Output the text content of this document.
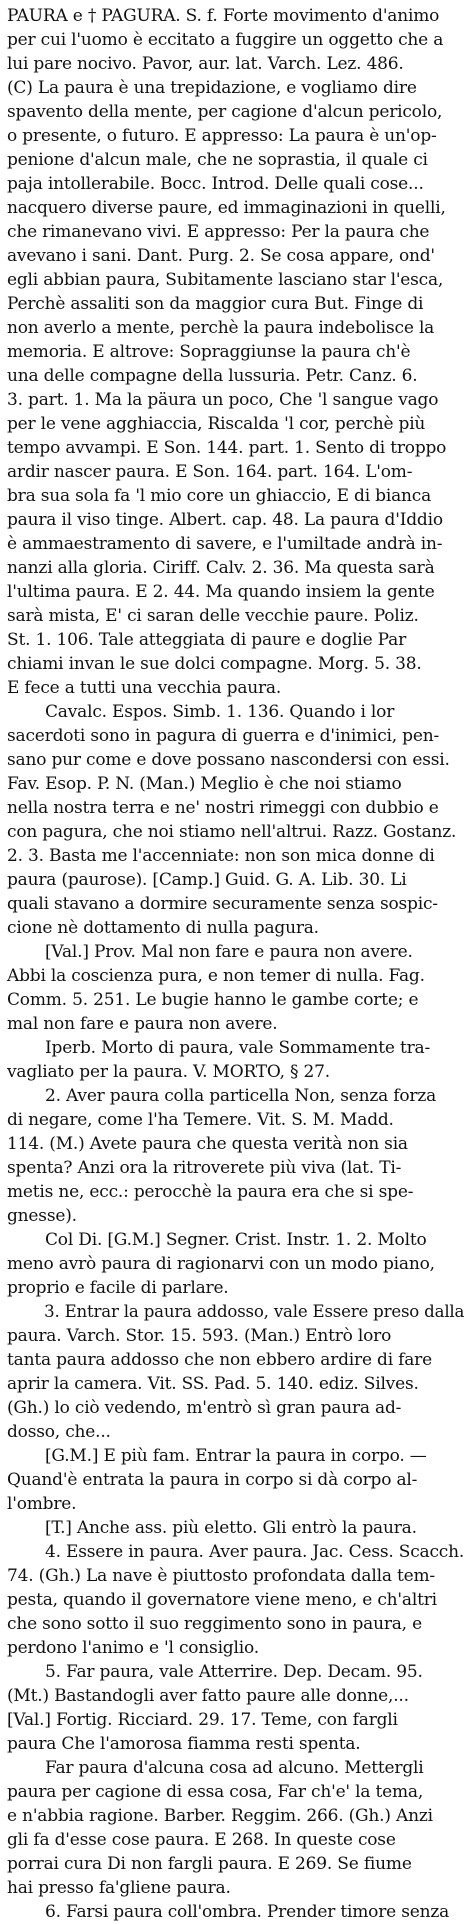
PAURA e † PAGURA. S. f. Forte movimento d'animo
per cui l'uomo è eccitato a fuggire un oggetto che a
lui pare nocivo. Pavor, aur. lat. Varch. Lez. 486.
(C) La paura è una trepidazione, e vogliamo dire
spavento della mente, per cagione d'alcun pericolo,
o presente, o futuro. E appresso: La paura è un'op-
penione d'alcun male, che ne soprastia, il quale ci
paja intollerabile. Bocc. Introd. Delle quali cose...
nacquero diverse paure, ed immaginazioni in quelli,
che rimanevano vivi. E appresso: Per la paura che
avevano i sani. Dant. Purg. 2. Se cosa appare, ond'
egli abbian paura, Subitamente lasciano star l'esca,
Perchè assaliti son da maggior cura But. Finge di
non averlo a mente, perchè la paura indebolisce la
memoria. E altrove: Sopraggiunse la paura ch'è
una delle compagne della lussuria. Petr. Canz. 6.
3. part. 1. Ma la päura un poco, Che 'l sangue vago
per le vene agghiaccia, Riscalda 'l cor, perchè più
tempo avvampi. E Son. 144. part. 1. Sento di troppo
ardir nascer paura. E Son. 164. part. 164. L'om-
bra sua sola fa 'l mio core un ghiaccio, E di bianca
paura il viso tinge. Albert. cap. 48. La paura d'Iddio
è ammaestramento di savere, e l'umiltade andrà in-
nanzi alla gloria. Ciriff. Calv. 2. 36. Ma questa sarà
l'ultima paura. E 2. 44. Ma quando insiem la gente
sarà mista, E' ci saran delle vecchie paure. Poliz.
St. 1. 106. Tale atteggiata di paure e doglie Par
chiami invan le sue dolci compagne. Morg. 5. 38.
E fece a tutti una vecchia paura.
Cavalc. Espos. Simb. 1. 136. Quando i lor
sacerdoti sono in pagura di guerra e d'inimici, pen-
sano pur come e dove possano nascondersi con essi.
Fav. Esop. P. N. (Man.) Meglio è che noi stiamo
nella nostra terra e ne' nostri rimeggi con dubbio e
con pagura, che noi stiamo nell'altrui. Razz. Gostanz.
2. 3. Basta me l'accenniate: non son mica donne di
paura (paurose). [Camp.] Guid. G. A. Lib. 30. Li
quali stavano a dormire securamente senza sospic-
cione nè dottamento di nulla pagura.
[Val.] Prov. Mal non fare e paura non avere.
Abbi la coscienza pura, e non temer di nulla. Fag.
Comm. 5. 251. Le bugie hanno le gambe corte; e
mal non fare e paura non avere.
Iperb. Morto di paura, vale Sommamente tra-
vagliato per la paura. V. MORTO, § 27.
2. Aver paura colla particella Non, senza forza
di negare, come l'ha Temere. Vit. S. M. Madd.
114. (M.) Avete paura che questa verità non sia
spenta? Anzi ora la ritroverete più viva (lat. Ti-
metis ne, ecc.: perocchè la paura era che si spe-
gnesse).
Col Di. [G.M.] Segner. Crist. Instr. 1. 2. Molto
meno avrò paura di ragionarvi con un modo piano,
proprio e facile di parlare.
3. Entrar la paura addosso, vale Essere preso dalla
paura. Varch. Stor. 15. 593. (Man.) Entrò loro
tanta paura addosso che non ebbero ardire di fare
aprir la camera. Vit. SS. Pad. 5. 140. ediz. Silves.
(Gh.) lo ciò vedendo, m'entrò sì gran paura ad-
dosso, che...
[G.M.] E più fam. Entrar la paura in corpo. —
Quand'è entrata la paura in corpo si dà corpo al-
l'ombre.
[T.] Anche ass. più eletto. Gli entrò la paura.
4. Essere in paura. Aver paura. Jac. Cess. Scacch.
74. (Gh.) La nave è piuttosto profondata dalla tem-
pesta, quando il governatore viene meno, e ch'altri
che sono sotto il suo reggimento sono in paura, e
perdono l'animo e 'l consiglio.
5. Far paura, vale Atterrire. Dep. Decam. 95.
(Mt.) Bastandogli aver fatto paure alle donne,...
[Val.] Fortig. Ricciard. 29. 17. Teme, con fargli
paura Che l'amorosa fiamma resti spenta.
Far paura d'alcuna cosa ad alcuno. Mettergli
paura per cagione di essa cosa, Far ch'e' la tema,
e n'abbia ragione. Barber. Reggim. 266. (Gh.) Anzi
gli fa d'esse cose paura. E 268. In queste cose
porrai cura Di non fargli paura. E 269. Se fiume
hai presso fa'gliene paura.
6. Farsi paura coll'ombra. Prender timore senza
